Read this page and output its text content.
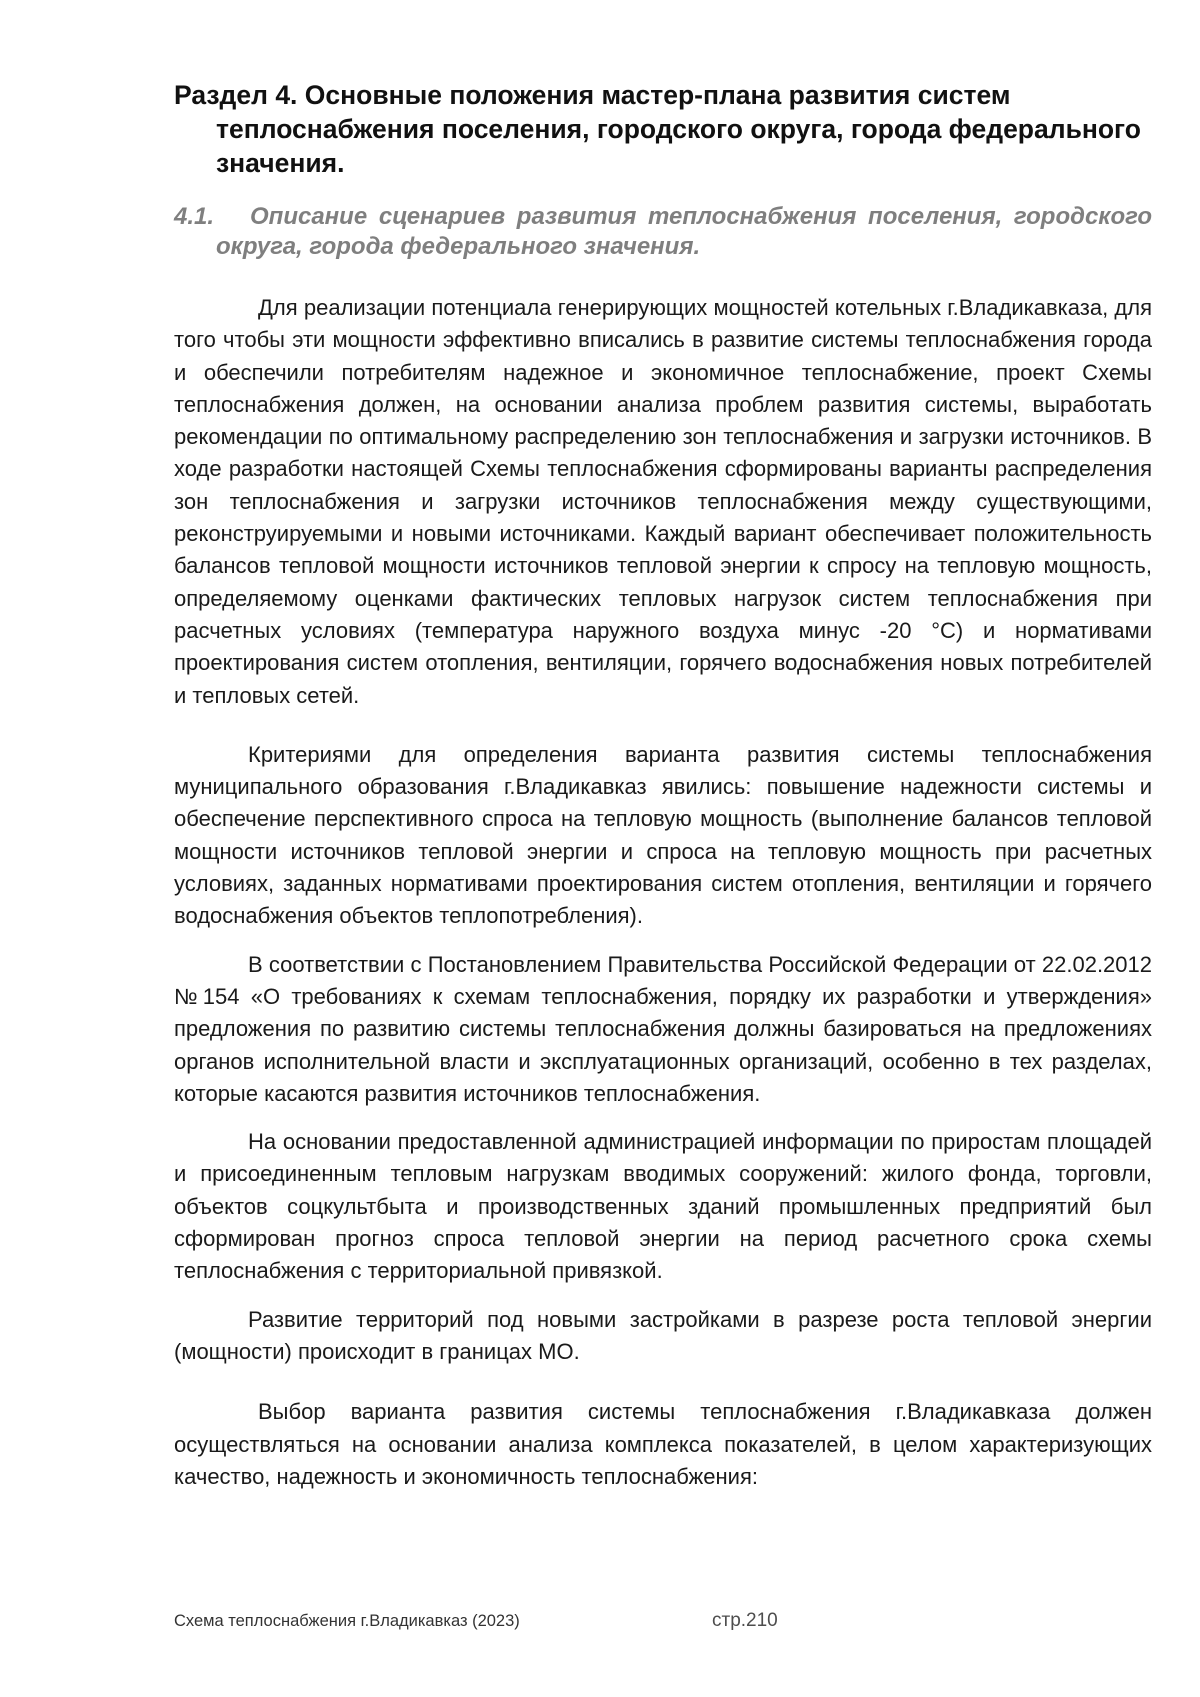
Раздел 4. Основные положения мастер-плана развития систем теплоснабжения поселения, городского округа, города федерального значения.
4.1. Описание сценариев развития теплоснабжения поселения, городского округа, города федерального значения.

Для реализации потенциала генерирующих мощностей котельных г.Владикавказа, для того чтобы эти мощности эффективно вписались в развитие системы теплоснабжения города и обеспечили потребителям надежное и экономичное теплоснабжение, проект Схемы теплоснабжения должен, на основании анализа проблем развития системы, выработать рекомендации по оптимальному распределению зон теплоснабжения и загрузки источников. В ходе разработки настоящей Схемы теплоснабжения сформированы варианты распределения зон теплоснабжения и загрузки источников теплоснабжения между существующими, реконструируемыми и новыми источниками. Каждый вариант обеспечивает положительность балансов тепловой мощности источников тепловой энергии к спросу на тепловую мощность, определяемому оценками фактических тепловых нагрузок систем теплоснабжения при расчетных условиях (температура наружного воздуха минус -20 °С) и нормативами проектирования систем отопления, вентиляции, горячего водоснабжения новых потребителей и тепловых сетей.

Критериями для определения варианта развития системы теплоснабжения муниципального образования г.Владикавказ явились: повышение надежности системы и обеспечение перспективного спроса на тепловую мощность (выполнение балансов тепловой мощности источников тепловой энергии и спроса на тепловую мощность при расчетных условиях, заданных нормативами проектирования систем отопления, вентиляции и горячего водоснабжения объектов теплопотребления).

В соответствии с Постановлением Правительства Российской Федерации от 22.02.2012 №154 «О требованиях к схемам теплоснабжения, порядку их разработки и утверждения» предложения по развитию системы теплоснабжения должны базироваться на предложениях органов исполнительной власти и эксплуатационных организаций, особенно в тех разделах, которые касаются развития источников теплоснабжения.

На основании предоставленной администрацией информации по приростам площадей и присоединенным тепловым нагрузкам вводимых сооружений: жилого фонда, торговли, объектов соцкультбыта и производственных зданий промышленных предприятий был сформирован прогноз спроса тепловой энергии на период расчетного срока схемы теплоснабжения с территориальной привязкой.

Развитие территорий под новыми застройками в разрезе роста тепловой энергии (мощности) происходит в границах МО.

Выбор варианта развития системы теплоснабжения г.Владикавказа должен осуществляться на основании анализа комплекса показателей, в целом характеризующих качество, надежность и экономичность теплоснабжения:

Схема теплоснабжения г.Владикавказ (2023)	стр.210
